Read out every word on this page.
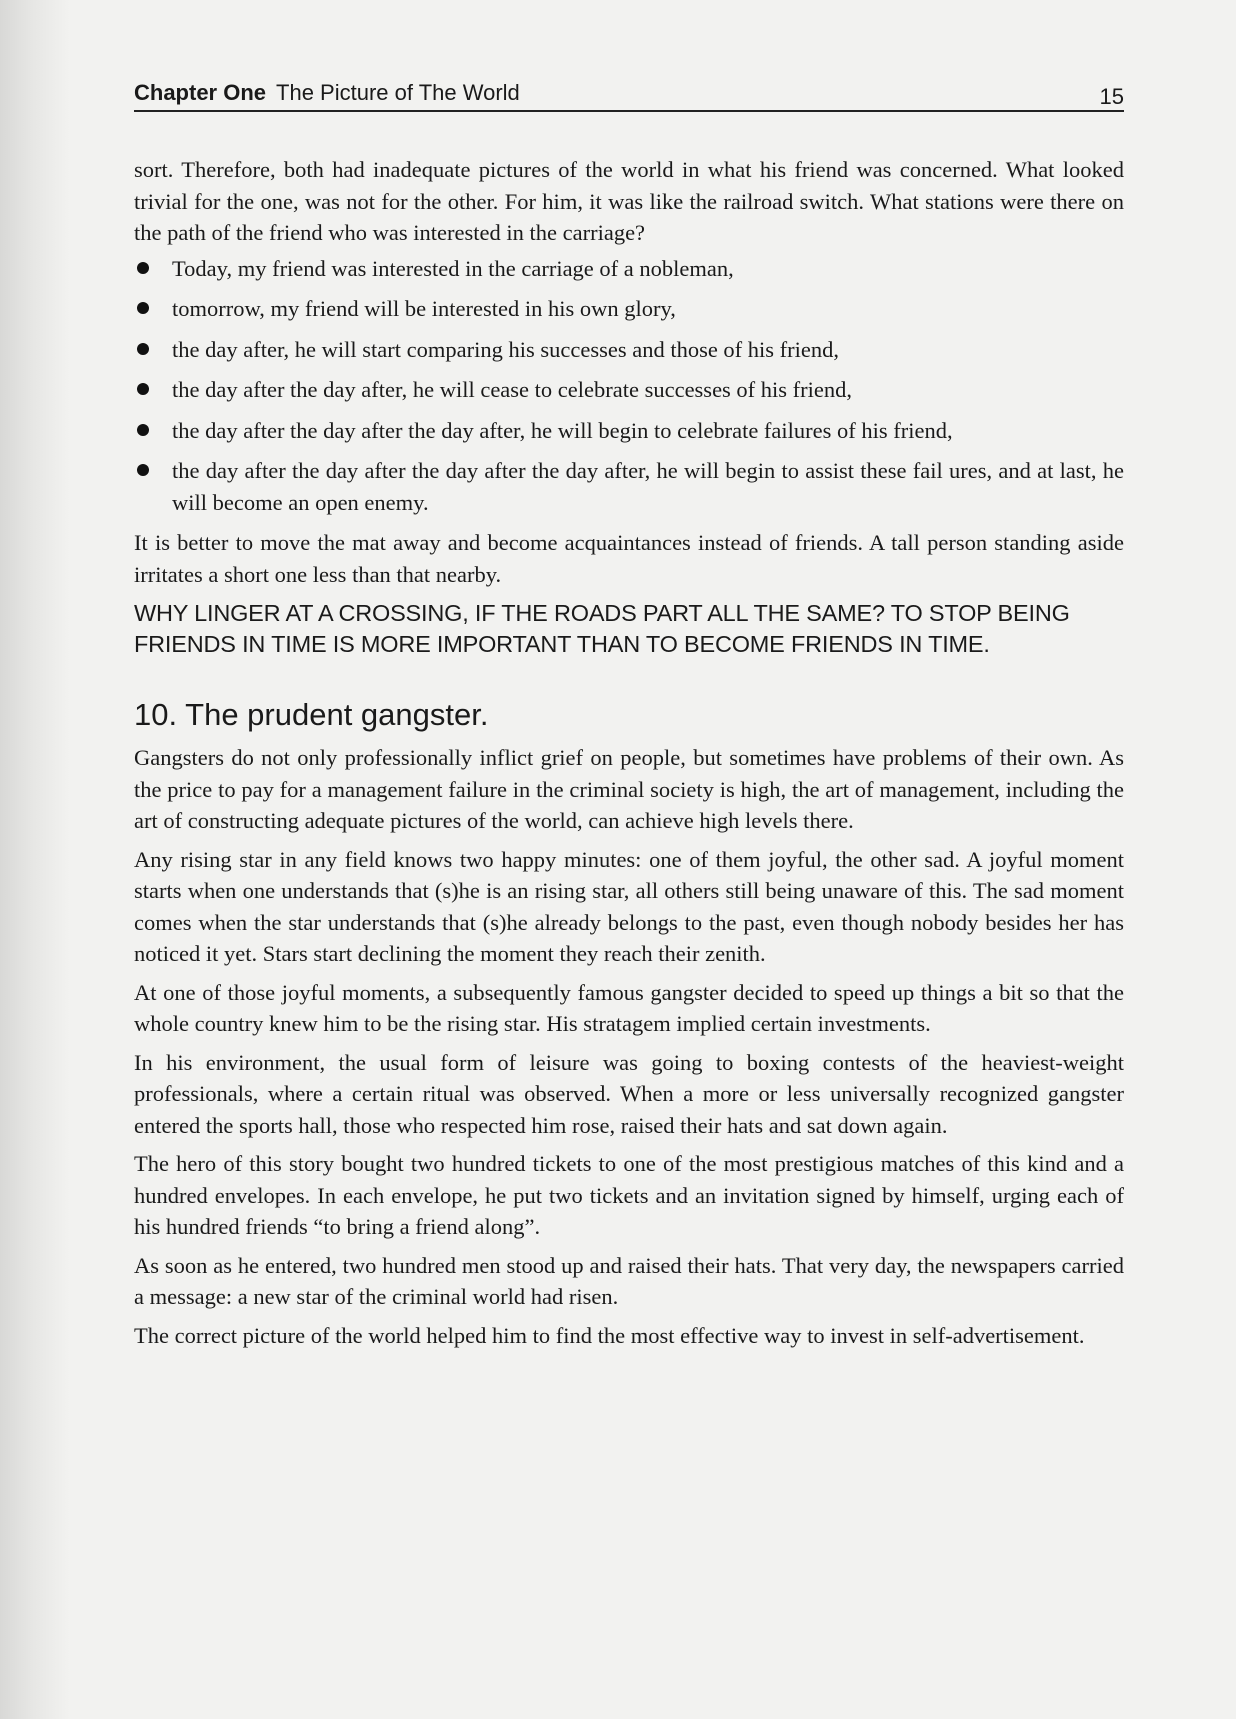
Chapter One The Picture of The World	15

sort. Therefore, both had inadequate pictures of the world in what his friend was concerned. What looked trivial for the one, was not for the other. For him, it was like the railroad switch. What stations were there on the path of the friend who was interested in the carriage?

Today, my friend was interested in the carriage of a nobleman,
tomorrow, my friend will be interested in his own glory,
the day after, he will start comparing his successes and those of his friend,
the day after the day after, he will cease to celebrate successes of his friend,
the day after the day after the day after, he will begin to celebrate failures of his friend,
the day after the day after the day after the day after, he will begin to assist these fail ures, and at last, he will become an open enemy.

It is better to move the mat away and become acquaintances instead of friends. A tall person standing aside irritates a short one less than that nearby.

WHY LINGER AT A CROSSING, IF THE ROADS PART ALL THE SAME? TO STOP BEING FRIENDS IN TIME IS MORE IMPORTANT THAN TO BECOME FRIENDS IN TIME.

10. The prudent gangster.

Gangsters do not only professionally inflict grief on people, but sometimes have problems of their own. As the price to pay for a management failure in the criminal society is high, the art of management, including the art of constructing adequate pictures of the world, can achieve high levels there.

Any rising star in any field knows two happy minutes: one of them joyful, the other sad. A joyful moment starts when one understands that (s)he is an rising star, all others still being unaware of this. The sad moment comes when the star understands that (s)he already belongs to the past, even though nobody besides her has noticed it yet. Stars start declining the moment they reach their zenith.

At one of those joyful moments, a subsequently famous gangster decided to speed up things a bit so that the whole country knew him to be the rising star. His stratagem implied certain investments.

In his environment, the usual form of leisure was going to boxing contests of the heaviest-weight professionals, where a certain ritual was observed. When a more or less universally recognized gangster entered the sports hall, those who respected him rose, raised their hats and sat down again.

The hero of this story bought two hundred tickets to one of the most prestigious matches of this kind and a hundred envelopes. In each envelope, he put two tickets and an invitation signed by himself, urging each of his hundred friends “to bring a friend along”.

As soon as he entered, two hundred men stood up and raised their hats. That very day, the newspapers carried a message: a new star of the criminal world had risen.

The correct picture of the world helped him to find the most effective way to invest in self-advertisement.
